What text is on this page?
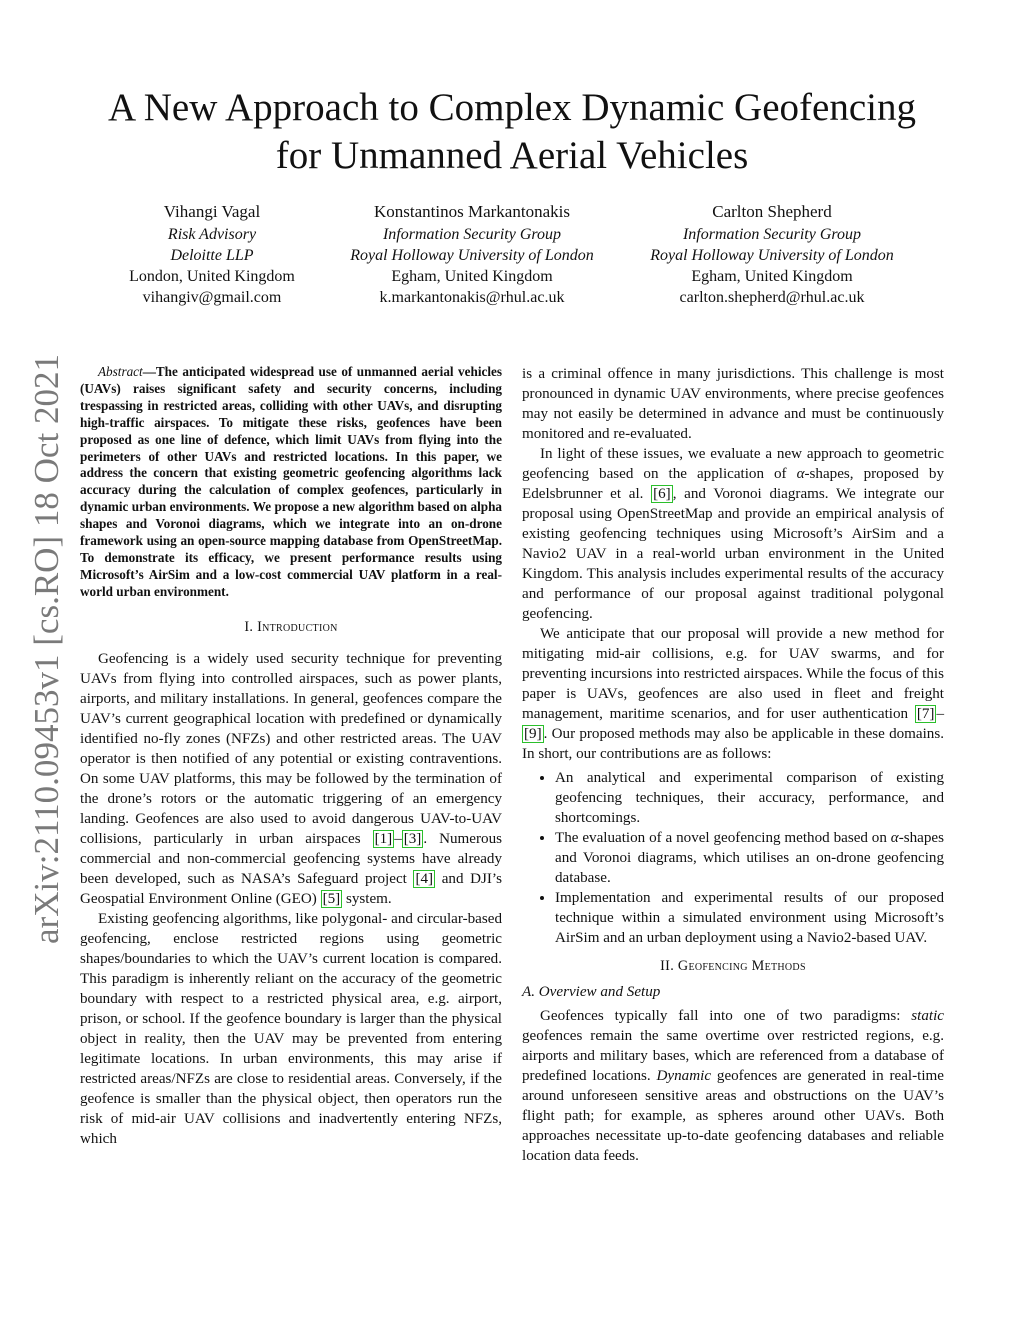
arXiv:2110.09453v1 [cs.RO] 18 Oct 2021
A New Approach to Complex Dynamic Geofencing
for Unmanned Aerial Vehicles
Vihangi Vagal
Risk Advisory
Deloitte LLP
London, United Kingdom
vihangiv@gmail.com
Konstantinos Markantonakis
Information Security Group
Royal Holloway University of London
Egham, United Kingdom
k.markantonakis@rhul.ac.uk
Carlton Shepherd
Information Security Group
Royal Holloway University of London
Egham, United Kingdom
carlton.shepherd@rhul.ac.uk

Abstract—The anticipated widespread use of unmanned aerial vehicles (UAVs) raises significant safety and security concerns, including trespassing in restricted areas, colliding with other UAVs, and disrupting high-traffic airspaces. To mitigate these risks, geofences have been proposed as one line of defence, which limit UAVs from flying into the perimeters of other UAVs and restricted locations. In this paper, we address the concern that existing geometric geofencing algorithms lack accuracy during the calculation of complex geofences, particularly in dynamic urban environments. We propose a new algorithm based on alpha shapes and Voronoi diagrams, which we integrate into an on-drone framework using an open-source mapping database from OpenStreetMap. To demonstrate its efficacy, we present performance results using Microsoft’s AirSim and a low-cost commercial UAV platform in a real-world urban environment.

I. Introduction

Geofencing is a widely used security technique for preventing UAVs from flying into controlled airspaces, such as power plants, airports, and military installations. In general, geofences compare the UAV’s current geographical location with predefined or dynamically identified no-fly zones (NFZs) and other restricted areas. The UAV operator is then notified of any potential or existing contraventions. On some UAV platforms, this may be followed by the termination of the drone’s rotors or the automatic triggering of an emergency landing. Geofences are also used to avoid dangerous UAV-to-UAV collisions, particularly in urban airspaces [1] – [3] . Numerous commercial and non-commercial geofencing systems have already been developed, such as NASA’s Safeguard project [4] and DJI’s Geospatial Environment Online (GEO) [5] system.

Existing geofencing algorithms, like polygonal- and circular-based geofencing, enclose restricted regions using geometric shapes/boundaries to which the UAV’s current location is compared. This paradigm is inherently reliant on the accuracy of the geometric boundary with respect to a restricted physical area, e.g. airport, prison, or school. If the geofence boundary is larger than the physical object in reality, then the UAV may be prevented from entering legitimate locations. In urban environments, this may arise if restricted areas/NFZs are close to residential areas. Conversely, if the geofence is smaller than the physical object, then operators run the risk of mid-air UAV collisions and inadvertently entering NFZs, which

is a criminal offence in many jurisdictions. This challenge is most pronounced in dynamic UAV environments, where precise geofences may not easily be determined in advance and must be continuously monitored and re-evaluated.

In light of these issues, we evaluate a new approach to geometric geofencing based on the application of α-shapes, proposed by Edelsbrunner et al. [6] , and Voronoi diagrams. We integrate our proposal using OpenStreetMap and provide an empirical analysis of existing geofencing techniques using Microsoft’s AirSim and a Navio2 UAV in a real-world urban environment in the United Kingdom. This analysis includes experimental results of the accuracy and performance of our proposal against traditional polygonal geofencing.

We anticipate that our proposal will provide a new method for mitigating mid-air collisions, e.g. for UAV swarms, and for preventing incursions into restricted airspaces. While the focus of this paper is UAVs, geofences are also used in fleet and freight management, maritime scenarios, and for user authentication [7] –[9] . Our proposed methods may also be applicable in these domains. In short, our contributions are as follows:

• An analytical and experimental comparison of existing geofencing techniques, their accuracy, performance, and shortcomings.
• The evaluation of a novel geofencing method based on α-shapes and Voronoi diagrams, which utilises an on-drone geofencing database.
• Implementation and experimental results of our proposed technique within a simulated environment using Microsoft’s AirSim and an urban deployment using a Navio2-based UAV.
II. Geofencing Methods
A. Overview and Setup

Geofences typically fall into one of two paradigms: static geofences remain the same overtime over restricted regions, e.g. airports and military bases, which are referenced from a database of predefined locations. Dynamic geofences are generated in real-time around unforeseen sensitive areas and obstructions on the UAV’s flight path; for example, as spheres around other UAVs. Both approaches necessitate up-to-date geofencing databases and reliable location data feeds.
